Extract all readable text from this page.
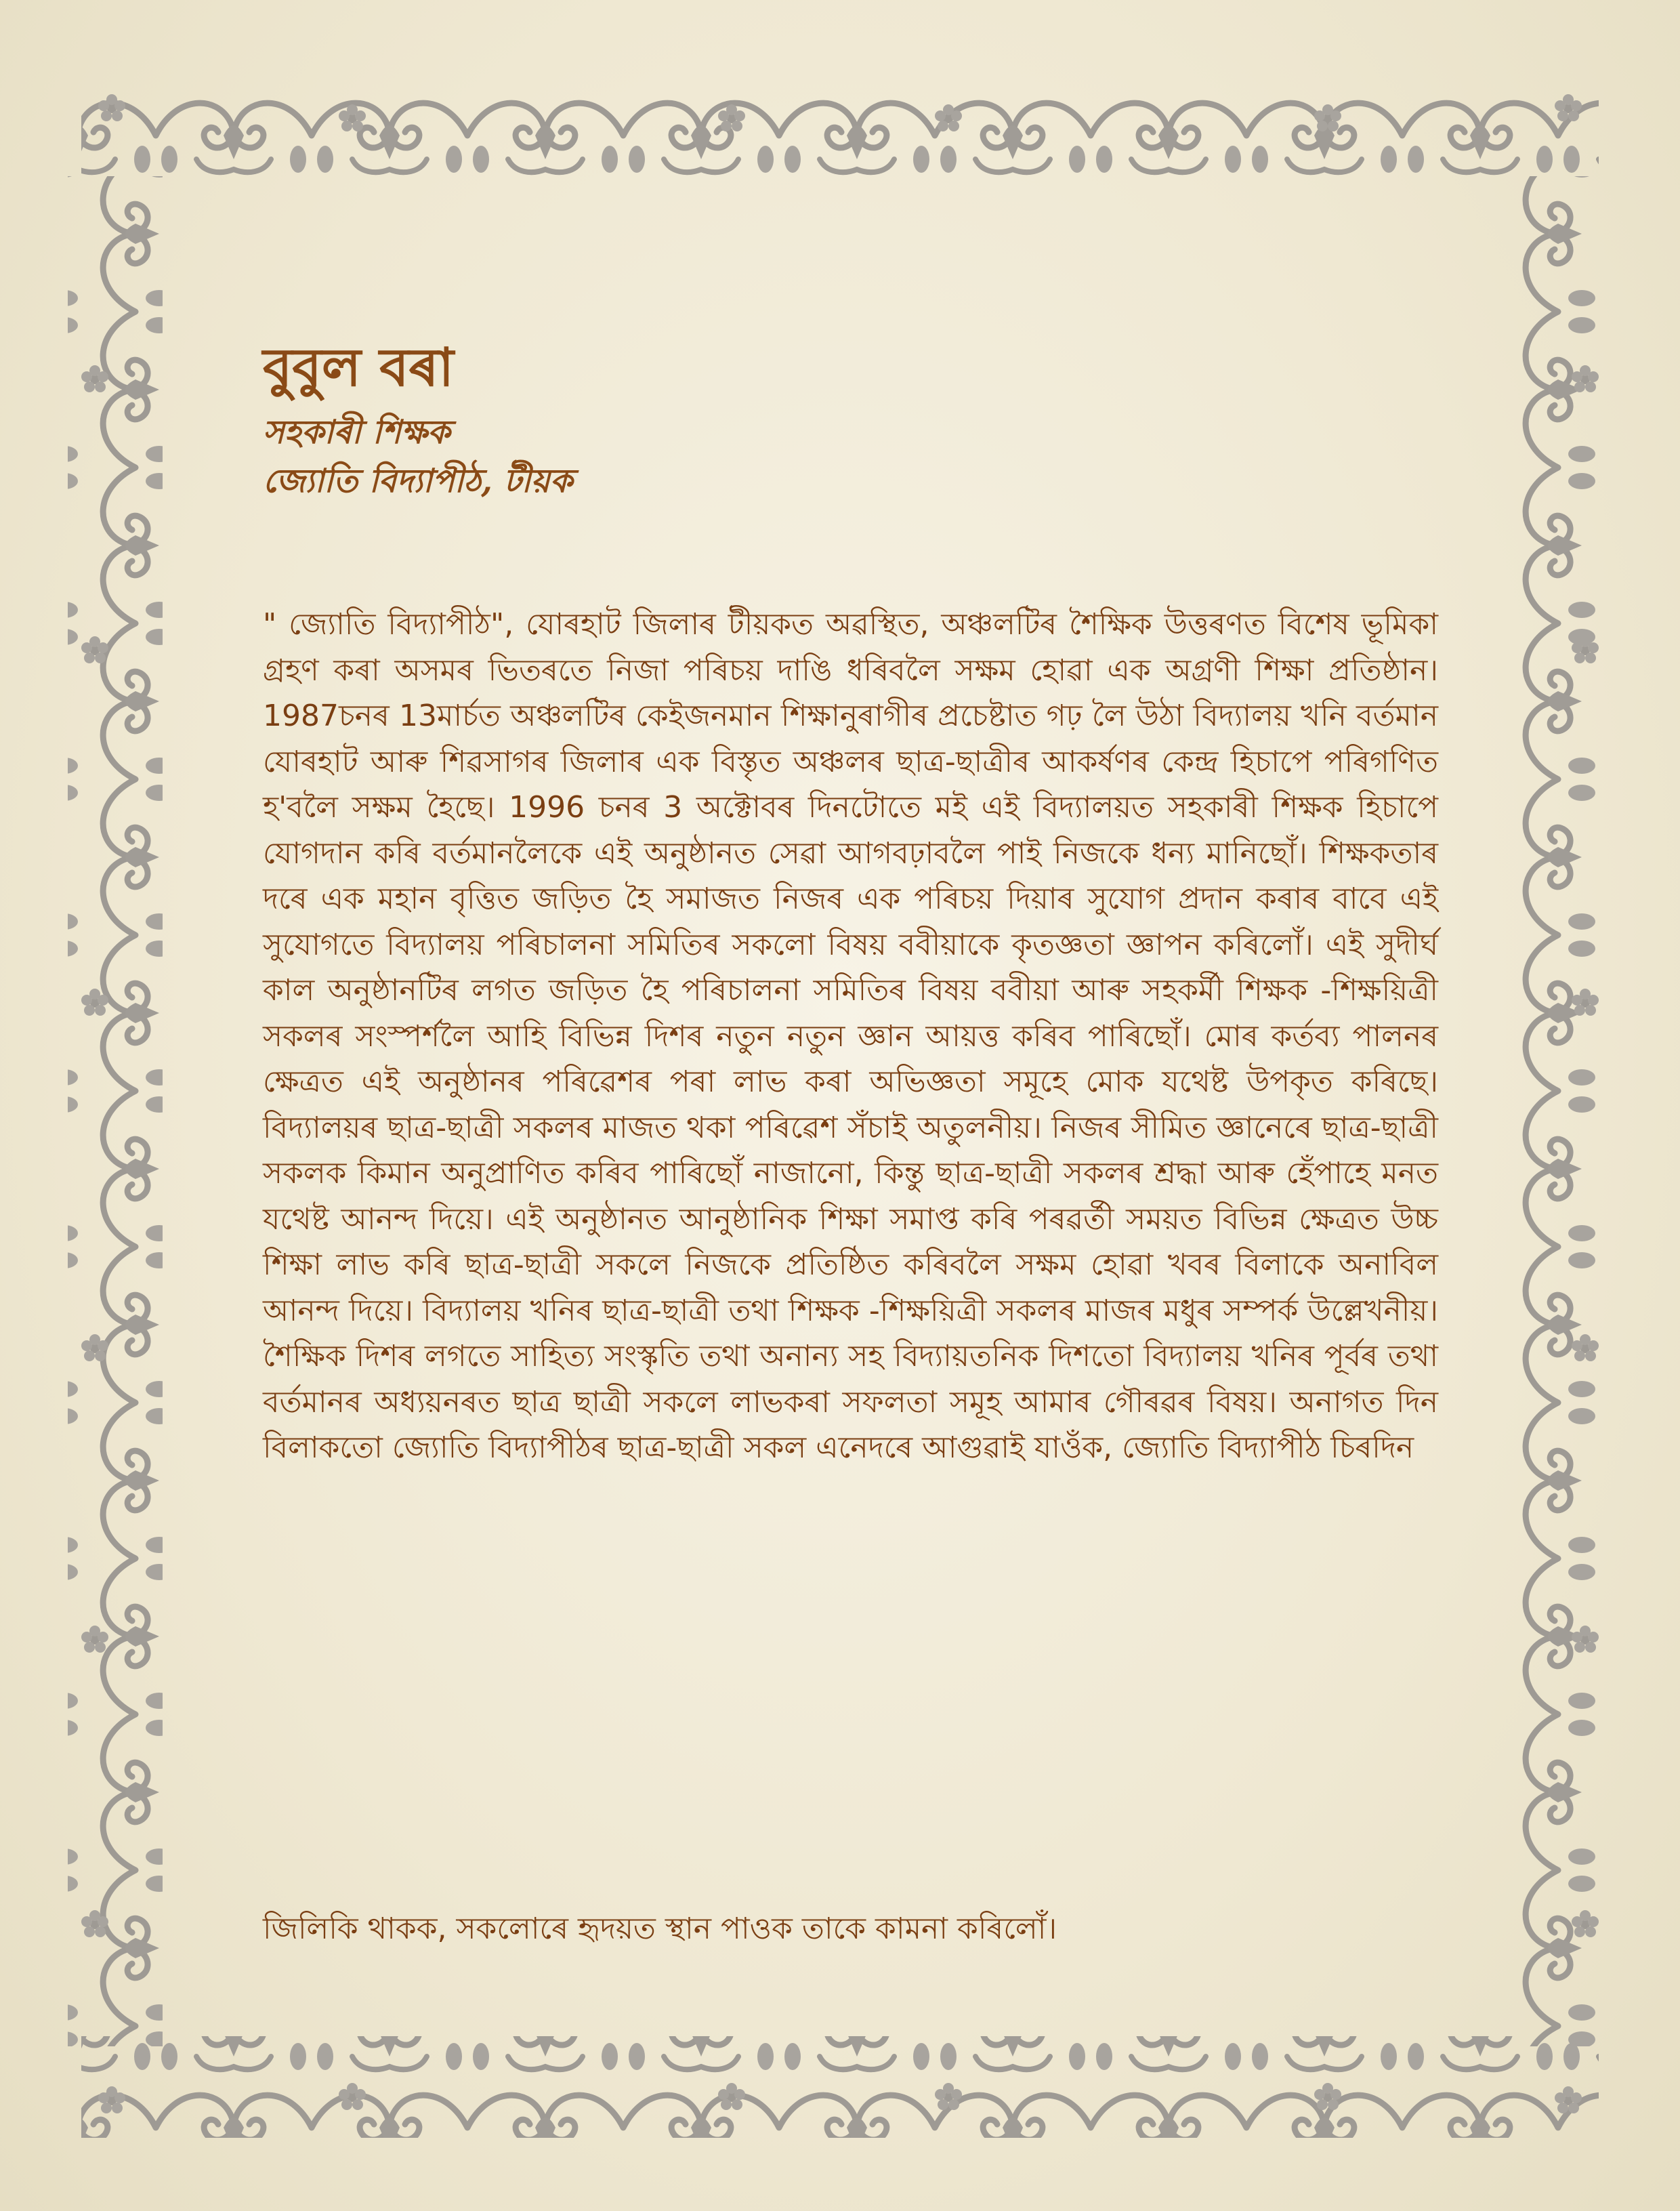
বুবুল বৰা

সহকাৰী শিক্ষক

জ্যোতি বিদ্যাপীঠ, টীয়ক

" জ্যোতি বিদ্যাপীঠ", যোৰহাট জিলাৰ টীয়কত অৱস্থিত, অঞ্চলটিৰ শৈক্ষিক উত্তৰণত বিশেষ ভূমিকা গ্ৰহণ কৰা অসমৰ ভিতৰতে নিজা পৰিচয় দাঙি ধৰিবলৈ সক্ষম হোৱা এক অগ্ৰণী শিক্ষা প্ৰতিষ্ঠান। 1987চনৰ 13মাৰ্চত অঞ্চলটিৰ কেইজনমান শিক্ষানুৰাগীৰ প্ৰচেষ্টাত গঢ় লৈ উঠা বিদ্যালয় খনি বৰ্তমান যোৰহাট আৰু শিৱসাগৰ জিলাৰ এক বিস্তৃত অঞ্চলৰ ছাত্ৰ-ছাত্ৰীৰ আকৰ্ষণৰ কেন্দ্ৰ হিচাপে পৰিগণিত হ'বলৈ সক্ষম হৈছে। 1996 চনৰ 3 অক্টোবৰ দিনটোতে মই এই বিদ্যালয়ত সহকাৰী শিক্ষক হিচাপে যোগদান কৰি বৰ্তমানলৈকে এই অনুষ্ঠানত সেৱা আগবঢ়াবলৈ পাই নিজকে ধন্য মানিছোঁ। শিক্ষকতাৰ দৰে এক মহান বৃত্তিত জড়িত হৈ সমাজত নিজৰ এক পৰিচয় দিয়াৰ সুযোগ প্ৰদান কৰাৰ বাবে এই সুযোগতে বিদ্যালয় পৰিচালনা সমিতিৰ সকলো বিষয় ববীয়াকে কৃতজ্ঞতা জ্ঞাপন কৰিলোঁ। এই সুদীৰ্ঘ কাল অনুষ্ঠানটিৰ লগত জড়িত হৈ পৰিচালনা সমিতিৰ বিষয় ববীয়া আৰু সহকৰ্মী শিক্ষক -শিক্ষয়িত্ৰী সকলৰ সংস্পৰ্শলৈ আহি বিভিন্ন দিশৰ নতুন নতুন জ্ঞান আয়ত্ত কৰিব পাৰিছোঁ। মোৰ কৰ্তব্য পালনৰ ক্ষেত্ৰত এই অনুষ্ঠানৰ পৰিৱেশৰ পৰা লাভ কৰা অভিজ্ঞতা সমূহে মোক যথেষ্ট উপকৃত কৰিছে। বিদ্যালয়ৰ ছাত্ৰ-ছাত্ৰী সকলৰ মাজত থকা পৰিৱেশ সঁচাই অতুলনীয়। নিজৰ সীমিত জ্ঞানেৰে ছাত্ৰ-ছাত্ৰী সকলক কিমান অনুপ্ৰাণিত কৰিব পাৰিছোঁ নাজানো, কিন্তু ছাত্ৰ-ছাত্ৰী সকলৰ শ্ৰদ্ধা আৰু হেঁপাহে মনত যথেষ্ট আনন্দ দিয়ে। এই অনুষ্ঠানত আনুষ্ঠানিক শিক্ষা সমাপ্ত কৰি পৰৱৰ্তী সময়ত বিভিন্ন ক্ষেত্ৰত উচ্চ শিক্ষা লাভ কৰি ছাত্ৰ-ছাত্ৰী সকলে নিজকে প্ৰতিষ্ঠিত কৰিবলৈ সক্ষম হোৱা খবৰ বিলাকে অনাবিল আনন্দ দিয়ে। বিদ্যালয় খনিৰ ছাত্ৰ-ছাত্ৰী তথা শিক্ষক -শিক্ষয়িত্ৰী সকলৰ মাজৰ মধুৰ সম্পৰ্ক উল্লেখনীয়। শৈক্ষিক দিশৰ লগতে সাহিত্য সংস্কৃতি তথা অনান্য সহ বিদ্যায়তনিক দিশতো বিদ্যালয় খনিৰ পূৰ্বৰ তথা বৰ্তমানৰ অধ্যয়নৰত ছাত্ৰ ছাত্ৰী সকলে লাভকৰা সফলতা সমূহ আমাৰ গৌৰৱৰ বিষয়। অনাগত দিন বিলাকতো জ্যোতি বিদ্যাপীঠৰ ছাত্ৰ-ছাত্ৰী সকল এনেদৰে আগুৱাই যাওঁক, জ্যোতি বিদ্যাপীঠ চিৰদিন

জিলিকি থাকক, সকলোৰে হৃদয়ত স্থান পাওক তাকে কামনা কৰিলোঁ।
